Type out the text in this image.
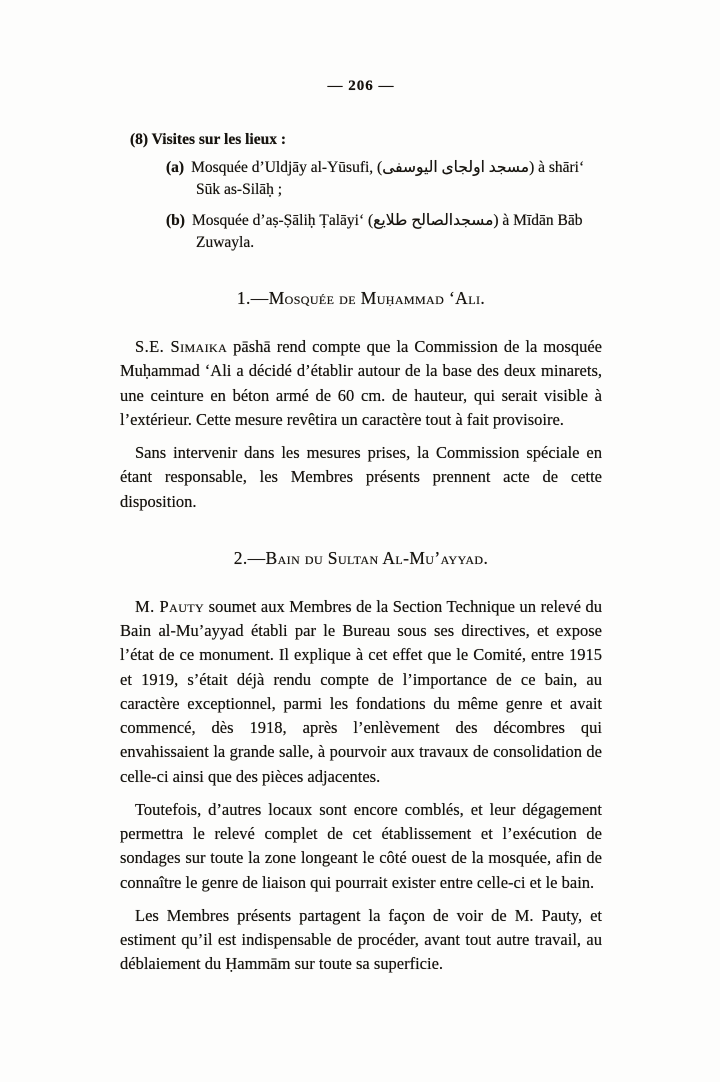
— 206 —
(8) Visites sur les lieux :
(a) Mosquée d’Uldjāy al-Yūsufi, (مسجد اولجاى اليوسفى) à shāri‘ Sūk as-Silāḥ ;
(b) Mosquée d’aṣ-Ṣāliḥ Ṭalāyi‘ (مسجدالصالح طلايع) à Mīdān Bāb Zuwayla.
1.—Mosquée de Muḥammad ‘Ali.

S.E. Simaika pāshā rend compte que la Commission de la mosquée Muḥammad ‘Ali a décidé d’établir autour de la base des deux minarets, une ceinture en béton armé de 60 cm. de hauteur, qui serait visible à l’extérieur. Cette mesure revêtira un caractère tout à fait provisoire.

Sans intervenir dans les mesures prises, la Commission spéciale en étant responsable, les Membres présents prennent acte de cette disposition.

2.—Bain du Sultan Al-Mu’ayyad.

M. Pauty soumet aux Membres de la Section Technique un relevé du Bain al-Mu’ayyad établi par le Bureau sous ses directives, et expose l’état de ce monument. Il explique à cet effet que le Comité, entre 1915 et 1919, s’était déjà rendu compte de l’importance de ce bain, au caractère exceptionnel, parmi les fondations du même genre et avait commencé, dès 1918, après l’enlèvement des décombres qui envahissaient la grande salle, à pourvoir aux travaux de consolidation de celle-ci ainsi que des pièces adjacentes.

Toutefois, d’autres locaux sont encore comblés, et leur dégagement permettra le relevé complet de cet établissement et l’exécution de sondages sur toute la zone longeant le côté ouest de la mosquée, afin de connaître le genre de liaison qui pourrait exister entre celle-ci et le bain.

Les Membres présents partagent la façon de voir de M. Pauty, et estiment qu’il est indispensable de procéder, avant tout autre travail, au déblaiement du Ḥammām sur toute sa superficie.
